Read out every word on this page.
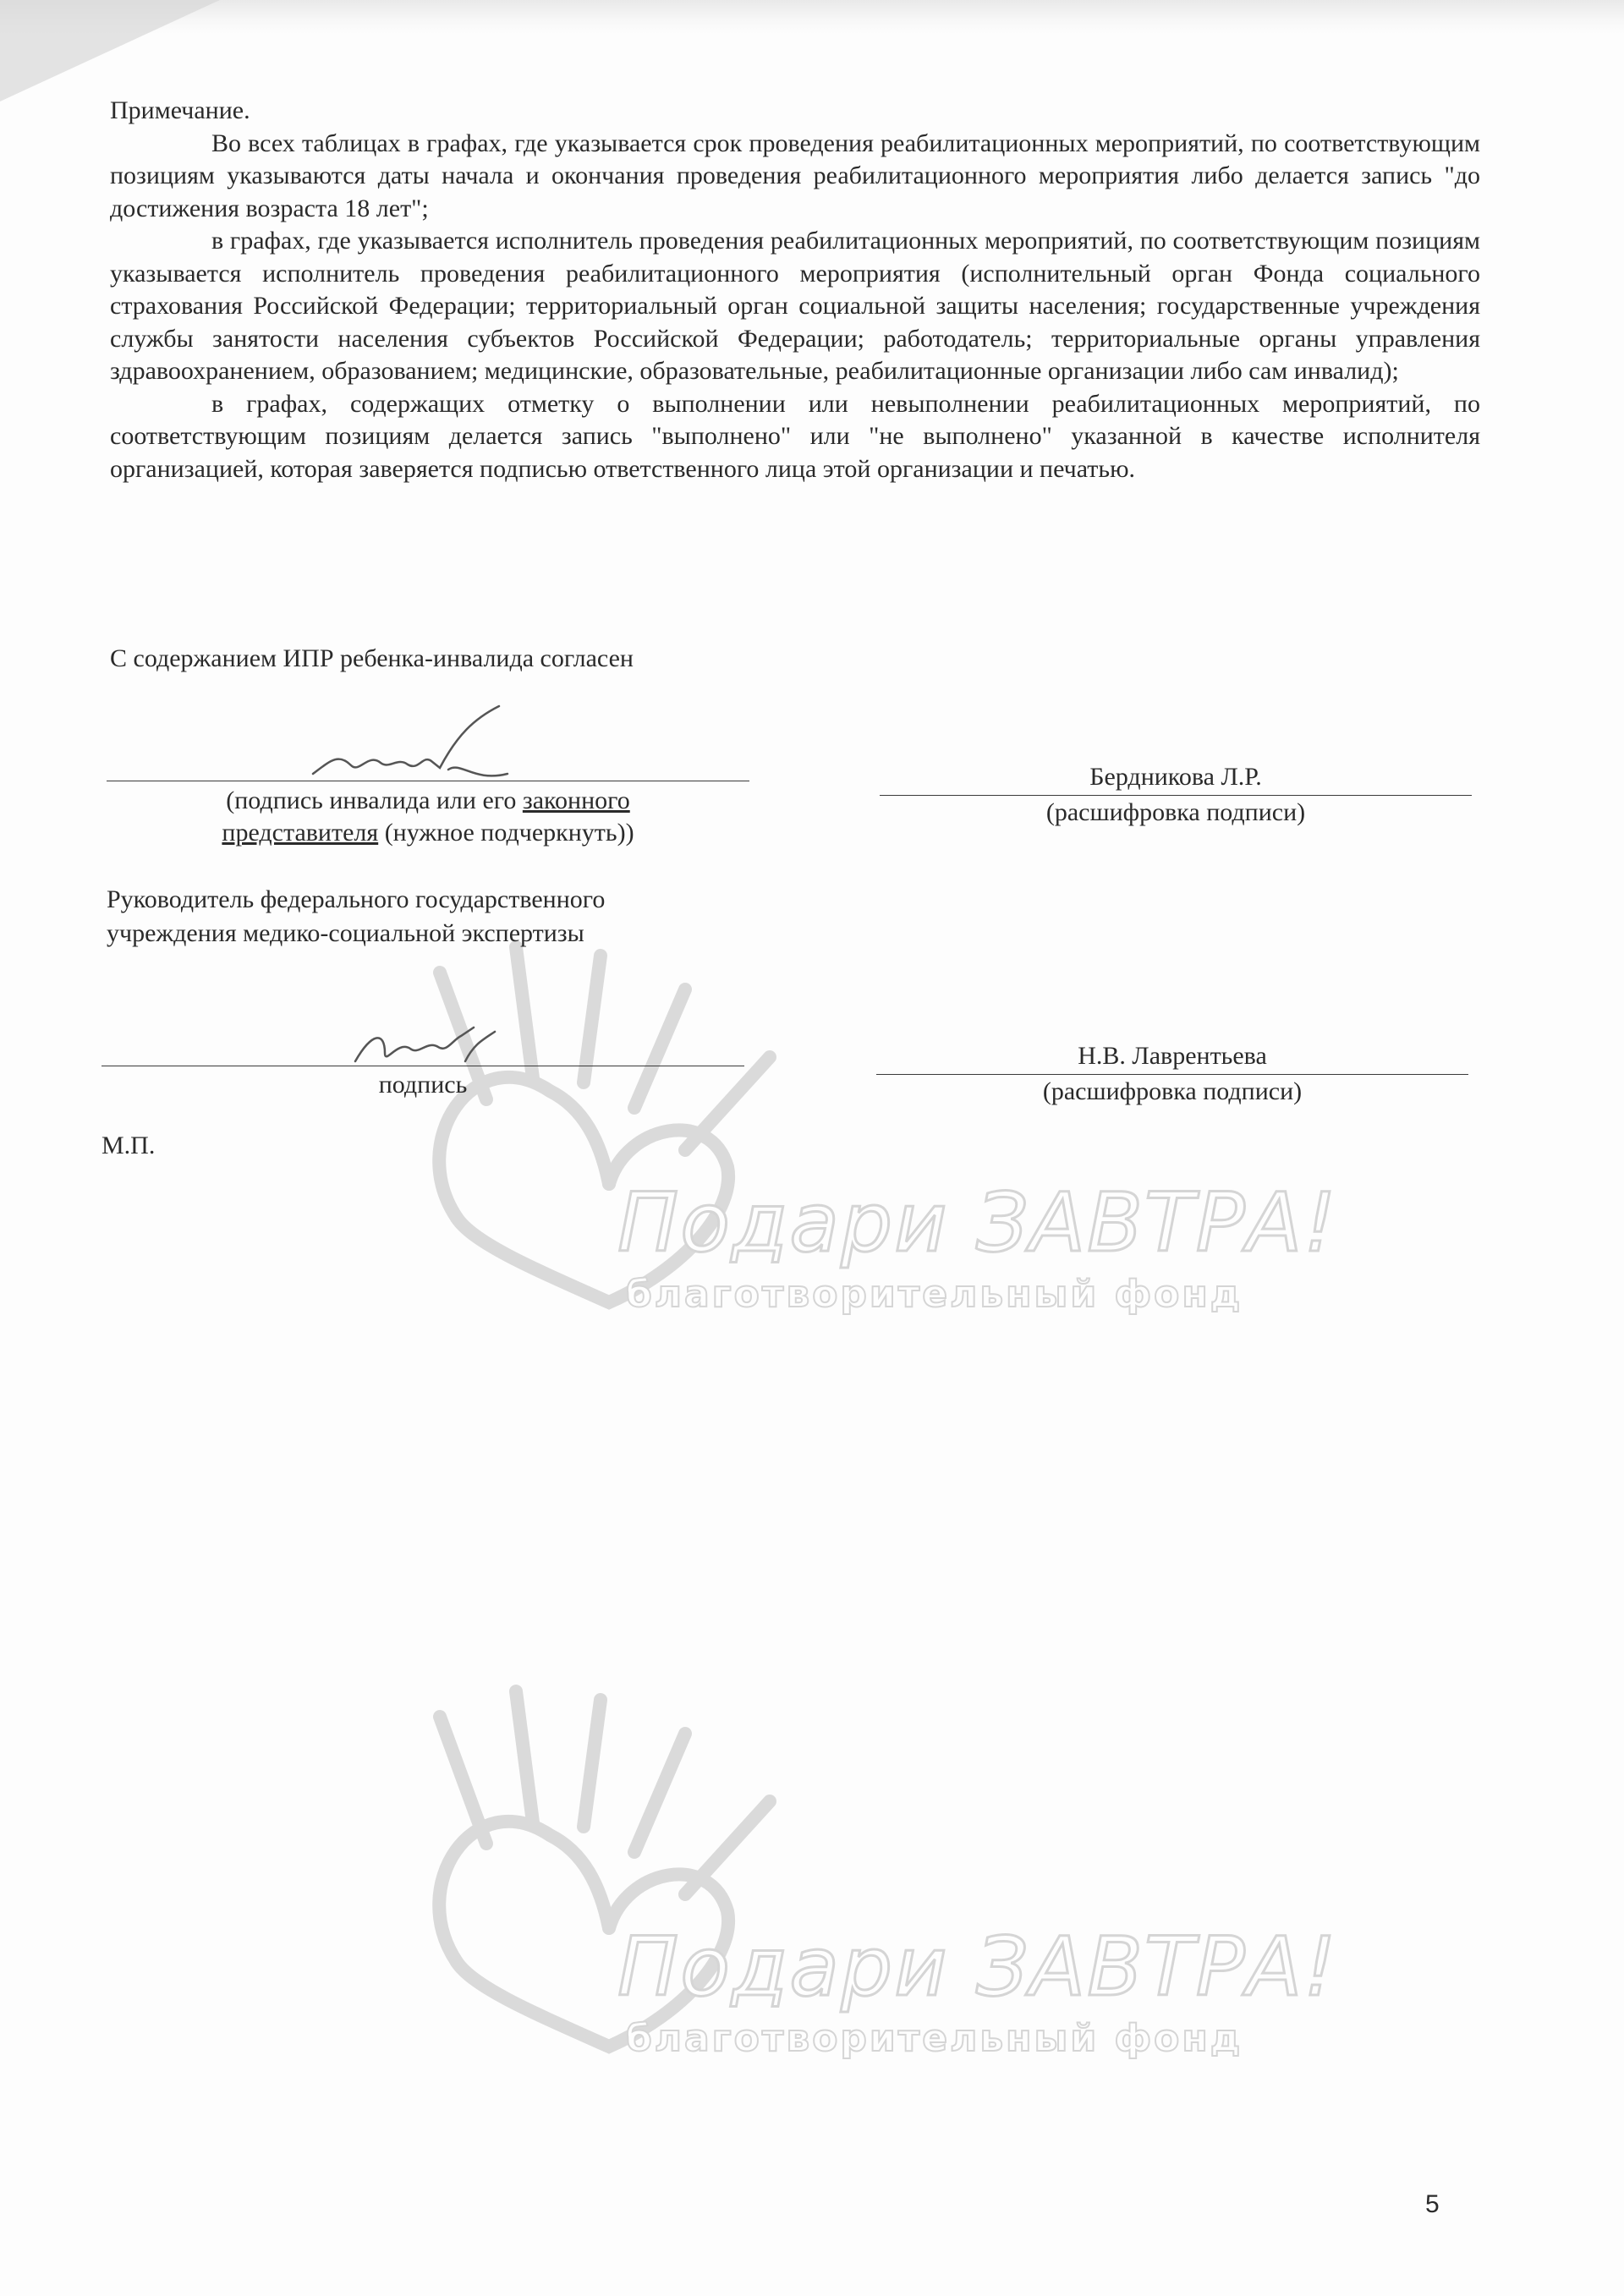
Подари ЗАВТРА!
благотворительный фонд
Подари ЗАВТРА!
благотворительный фонд

Примечание.

Во всех таблицах в графах, где указывается срок проведения реабилитационных мероприятий, по соответствующим позициям указываются даты начала и окончания проведения реабилитационного мероприятия либо делается запись "до достижения возраста 18 лет";

в графах, где указывается исполнитель проведения реабилитационных мероприятий, по соответствующим позициям указывается исполнитель проведения реабилитационного мероприятия (исполнительный орган Фонда социального страхования Российской Федерации; территориальный орган социальной защиты населения; государственные учреждения службы занятости населения субъектов Российской Федерации; работодатель; территориальные органы управления здравоохранением, образованием; медицинские, образовательные, реабилитационные организации либо сам инвалид);

в графах, содержащих отметку о выполнении или невыполнении реабилитационных мероприятий, по соответствующим позициям делается запись "выполнено" или "не выполнено" указанной в качестве исполнителя организацией, которая заверяется подписью ответственного лица этой организации и печатью.

С содержанием ИПР ребенка-инвалида согласен
(подпись инвалида или его законного
представителя (нужное подчеркнуть))
Бердникова Л.Р.
(расшифровка подписи)
Руководитель федерального государственного
учреждения медико-социальной экспертизы
подпись
Н.В. Лаврентьева
(расшифровка подписи)
М.П.
5
